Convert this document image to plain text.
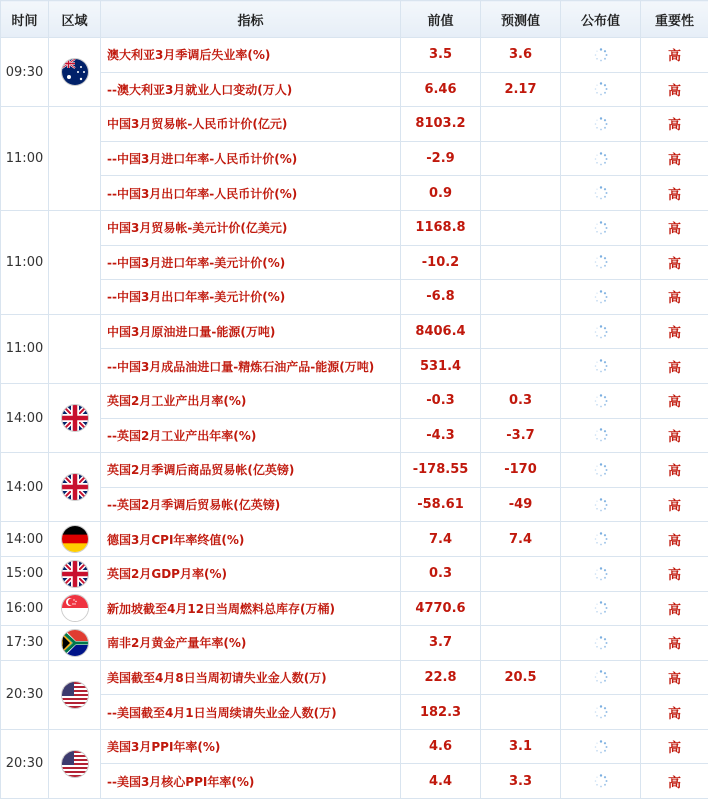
时间	区域	指标	前值	预测值	公布值	重要性
09:30		澳大利亚3月季调后失业率(%)	3.5	3.6		高
		--澳大利亚3月就业人口变动(万人)	6.46	2.17		高
11:00		中国3月贸易帐-人民币计价(亿元)	8103.2			高
		--中国3月进口年率-人民币计价(%)	-2.9			高
		--中国3月出口年率-人民币计价(%)	0.9			高
11:00		中国3月贸易帐-美元计价(亿美元)	1168.8			高
		--中国3月进口年率-美元计价(%)	-10.2			高
		--中国3月出口年率-美元计价(%)	-6.8			高
11:00		中国3月原油进口量-能源(万吨)	8406.4			高
		--中国3月成品油进口量-精炼石油产品-能源(万吨)	531.4			高
14:00		英国2月工业产出月率(%)	-0.3	0.3		高
		--英国2月工业产出年率(%)	-4.3	-3.7		高
14:00		英国2月季调后商品贸易帐(亿英镑)	-178.55	-170		高
		--英国2月季调后贸易帐(亿英镑)	-58.61	-49		高
14:00		德国3月CPI年率终值(%)	7.4	7.4		高
15:00		英国2月GDP月率(%)	0.3			高
16:00		新加坡截至4月12日当周燃料总库存(万桶)	4770.6			高
17:30		南非2月黄金产量年率(%)	3.7			高
20:30		美国截至4月8日当周初请失业金人数(万)	22.8	20.5		高
		--美国截至4月1日当周续请失业金人数(万)	182.3			高
20:30		美国3月PPI年率(%)	4.6	3.1		高
		--美国3月核心PPI年率(%)	4.4	3.3		高
